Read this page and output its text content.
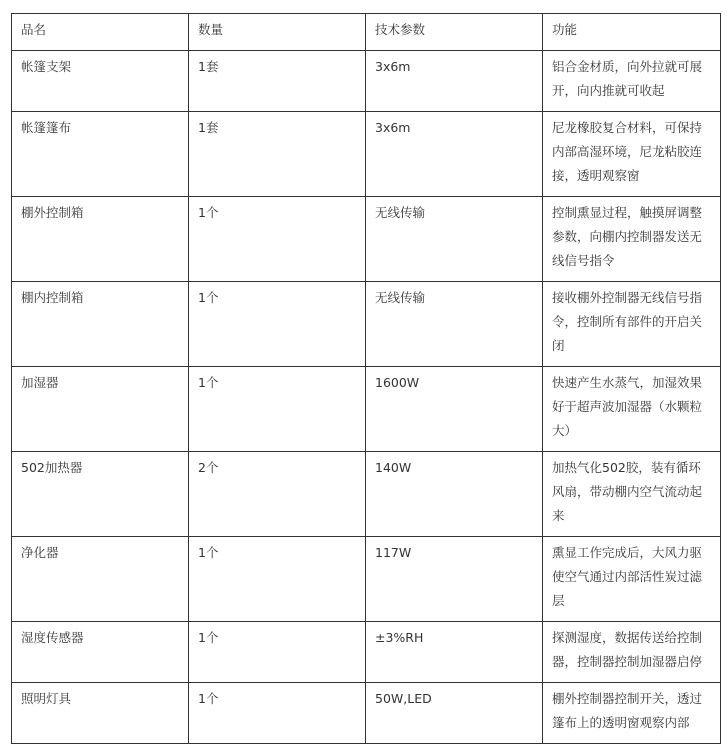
品名	数量	技术参数	功能

帐篷支架	1套	3x6m	铝合金材质，向外拉就可展开，向内推就可收起

帐篷篷布	1套	3x6m	尼龙橡胶复合材料，可保持内部高湿环境，尼龙粘胶连接，透明观察窗

棚外控制箱	1个	无线传输	控制熏显过程，触摸屏调整参数，向棚内控制器发送无线信号指令

棚内控制箱	1个	无线传输	接收棚外控制器无线信号指令，控制所有部件的开启关闭

加湿器	1个	1600W	快速产生水蒸气，加湿效果好于超声波加湿器（水颗粒大）

502加热器	2个	140W	加热气化502胶，装有循环风扇，带动棚内空气流动起来

净化器	1个	117W	熏显工作完成后，大风力驱使空气通过内部活性炭过滤层

湿度传感器	1个	±3%RH	探测湿度，数据传送给控制器，控制器控制加湿器启停

照明灯具	1个	50W,LED	棚外控制器控制开关，透过篷布上的透明窗观察内部
